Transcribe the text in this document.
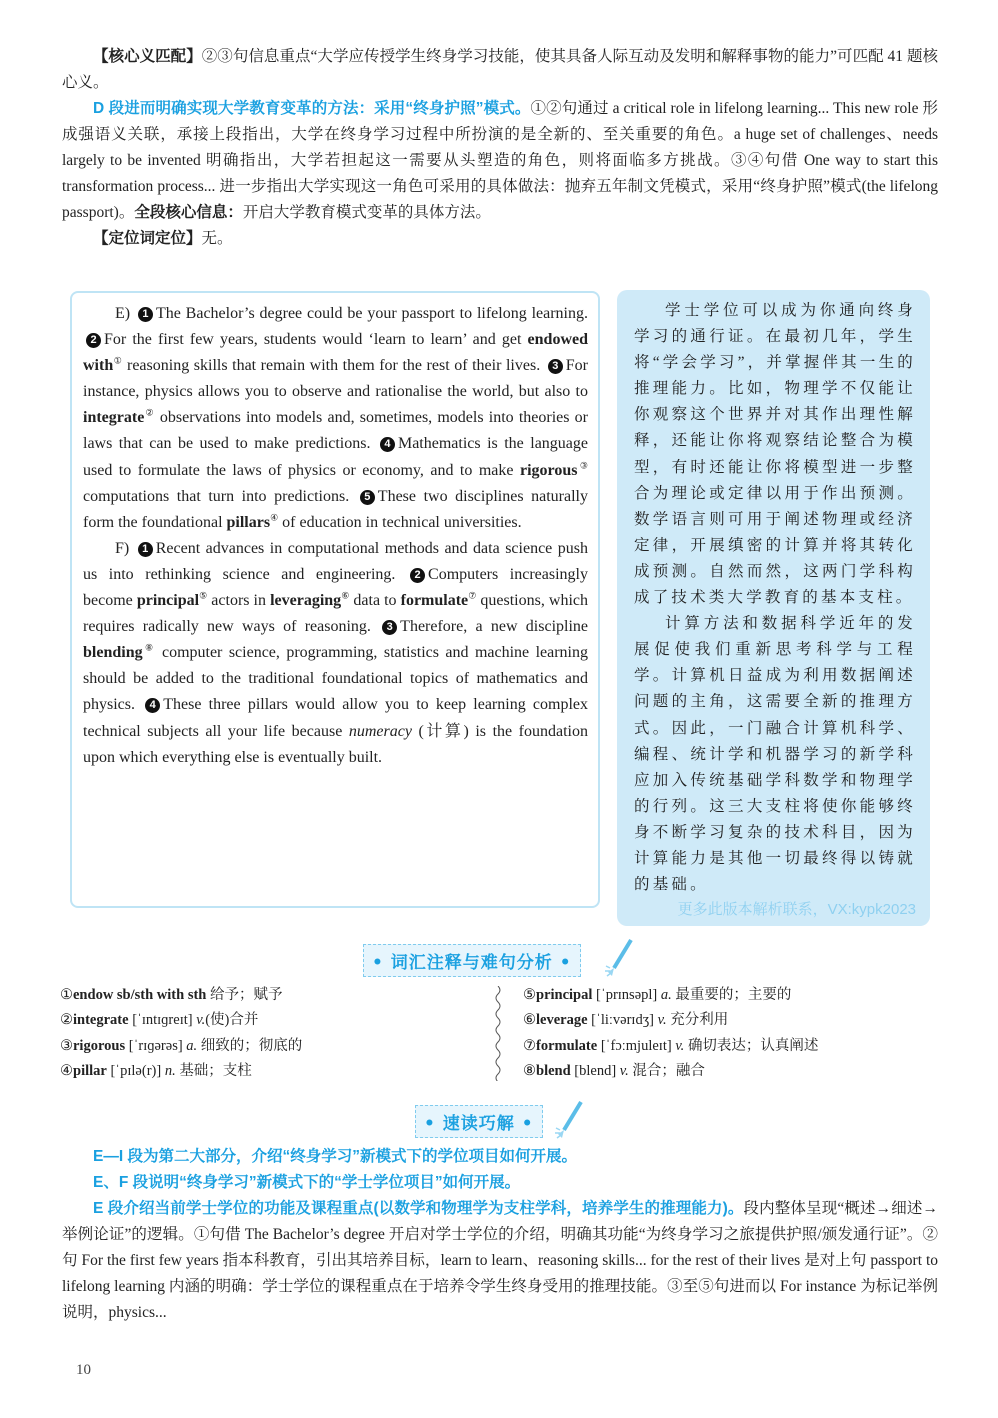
【核心义匹配】②③句信息重点“大学应传授学生终身学习技能，使其具备人际互动及发明和解释事物的能力”可匹配 41 题核心义。
D 段进而明确实现大学教育变革的方法：采用“终身护照”模式。①②句通过 a critical role in lifelong learning... This new role 形成强语义关联，承接上段指出，大学在终身学习过程中所扮演的是全新的、至关重要的角色。a huge set of challenges、needs largely to be invented 明确指出，大学若担起这一需要从头塑造的角色，则将面临多方挑战。③④句借 One way to start this transformation process... 进一步指出大学实现这一角色可采用的具体做法：抛弃五年制文凭模式，采用“终身护照”模式(the lifelong passport)。全段核心信息：开启大学教育模式变革的具体方法。
【定位词定位】无。
E) 1 The Bachelor’s degree could be your passport to lifelong learning. 2 For the first few years, students would ‘learn to learn’ and get endowed with① reasoning skills that remain with them for the rest of their lives. 3 For instance, physics allows you to observe and rationalise the world, but also to integrate② observations into models and, sometimes, models into theories or laws that can be used to make predictions. 4 Mathematics is the language used to formulate the laws of physics or economy, and to make rigorous③ computations that turn into predictions. 5 These two disciplines naturally form the foundational pillars④ of education in technical universities.
F) 1 Recent advances in computational methods and data science push us into rethinking science and engineering. 2 Computers increasingly become principal⑤ actors in leveraging⑥ data to formulate⑦ questions, which requires radically new ways of reasoning. 3 Therefore, a new discipline blending⑧ computer science, programming, statistics and machine learning should be added to the traditional foundational topics of mathematics and physics. 4 These three pillars would allow you to keep learning complex technical subjects all your life because numeracy (计算) is the foundation upon which everything else is eventually built.
学士学位可以成为你通向终身学习的通行证。在最初几年，学生将“学会学习”，并掌握伴其一生的推理能力。比如，物理学不仅能让你观察这个世界并对其作出理性解释，还能让你将观察结论整合为模型，有时还能让你将模型进一步整合为理论或定律以用于作出预测。数学语言则可用于阐述物理或经济定律，开展缜密的计算并将其转化成预测。自然而然，这两门学科构成了技术类大学教育的基本支柱。
计算方法和数据科学近年的发展促使我们重新思考科学与工程学。计算机日益成为利用数据阐述问题的主角，这需要全新的推理方式。因此，一门融合计算机科学、编程、统计学和机器学习的新学科应加入传统基础学科数学和物理学的行列。这三大支柱将使你能够终身不断学习复杂的技术科目，因为计算能力是其他一切最终得以铸就的基础。
更多此版本解析联系，VX:kypk2023
• 词汇注释与难句分析 •
①endow sb/sth with sth 给予；赋予
②integrate [ˈɪntɪɡreɪt] v.(使)合并
③rigorous [ˈrɪɡərəs] a. 细致的；彻底的
④pillar [ˈpɪlə(r)] n. 基础；支柱
⑤principal [ˈprɪnsəpl] a. 最重要的；主要的
⑥leverage [ˈliːvərɪdʒ] v. 充分利用
⑦formulate [ˈfɔːmjuleɪt] v. 确切表达；认真阐述
⑧blend [blend] v. 混合；融合
• 速读巧解 •
E—I 段为第二大部分，介绍“终身学习”新模式下的学位项目如何开展。
E、F 段说明“终身学习”新模式下的“学士学位项目”如何开展。
E 段介绍当前学士学位的功能及课程重点(以数学和物理学为支柱学科，培养学生的推理能力)。段内整体呈现“概述→细述→举例论证”的逻辑。①句借 The Bachelor’s degree 开启对学士学位的介绍，明确其功能“为终身学习之旅提供护照/颁发通行证”。②句 For the first few years 指本科教育，引出其培养目标，learn to learn、reasoning skills... for the rest of their lives 是对上句 passport to lifelong learning 内涵的明确：学士学位的课程重点在于培养令学生终身受用的推理技能。③至⑤句进而以 For instance 为标记举例说明，physics...
10
